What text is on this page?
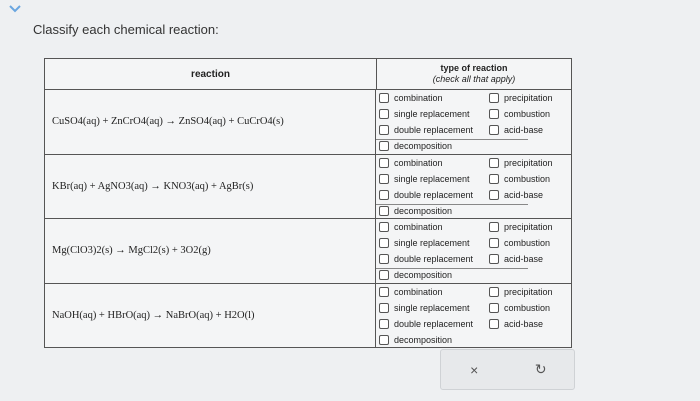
Classify each chemical reaction:
reaction
type of reaction
(check all that apply)
CuSO4(aq) + ZnCrO4(aq) → ZnSO4(aq) + CuCrO4(s)
combination
single replacement
double replacement
decomposition
precipitation
combustion
acid-base
KBr(aq) + AgNO3(aq) → KNO3(aq) + AgBr(s)
combination
single replacement
double replacement
decomposition
precipitation
combustion
acid-base
Mg(ClO3)2(s) → MgCl2(s) + 3O2(g)
combination
single replacement
double replacement
decomposition
precipitation
combustion
acid-base
NaOH(aq) + HBrO(aq) → NaBrO(aq) + H2O(l)
combination
single replacement
double replacement
decomposition
precipitation
combustion
acid-base
×	↻
